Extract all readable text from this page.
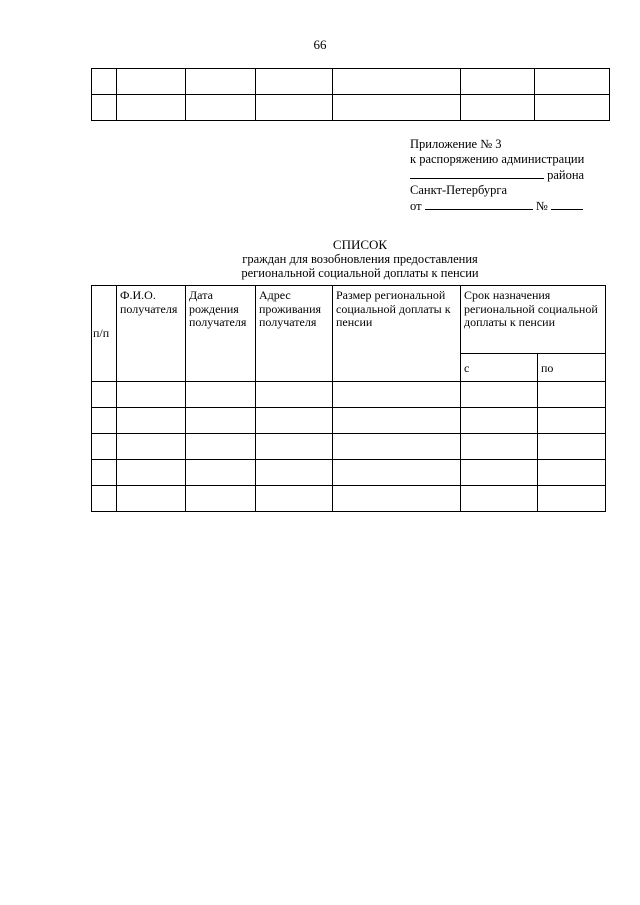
66

Приложение № 3
к распоряжению администрации
района
Санкт-Петербурга
от	№
СПИСОК
граждан для возобновления предоставления
региональной социальной доплаты к пенсии
п/п	Ф.И.О. получателя	Дата рождения получателя	Адрес проживания получателя	Размер региональной социальной доплаты к пенсии	Срок назначения региональной социальной доплаты к пенсии	
					с	по
